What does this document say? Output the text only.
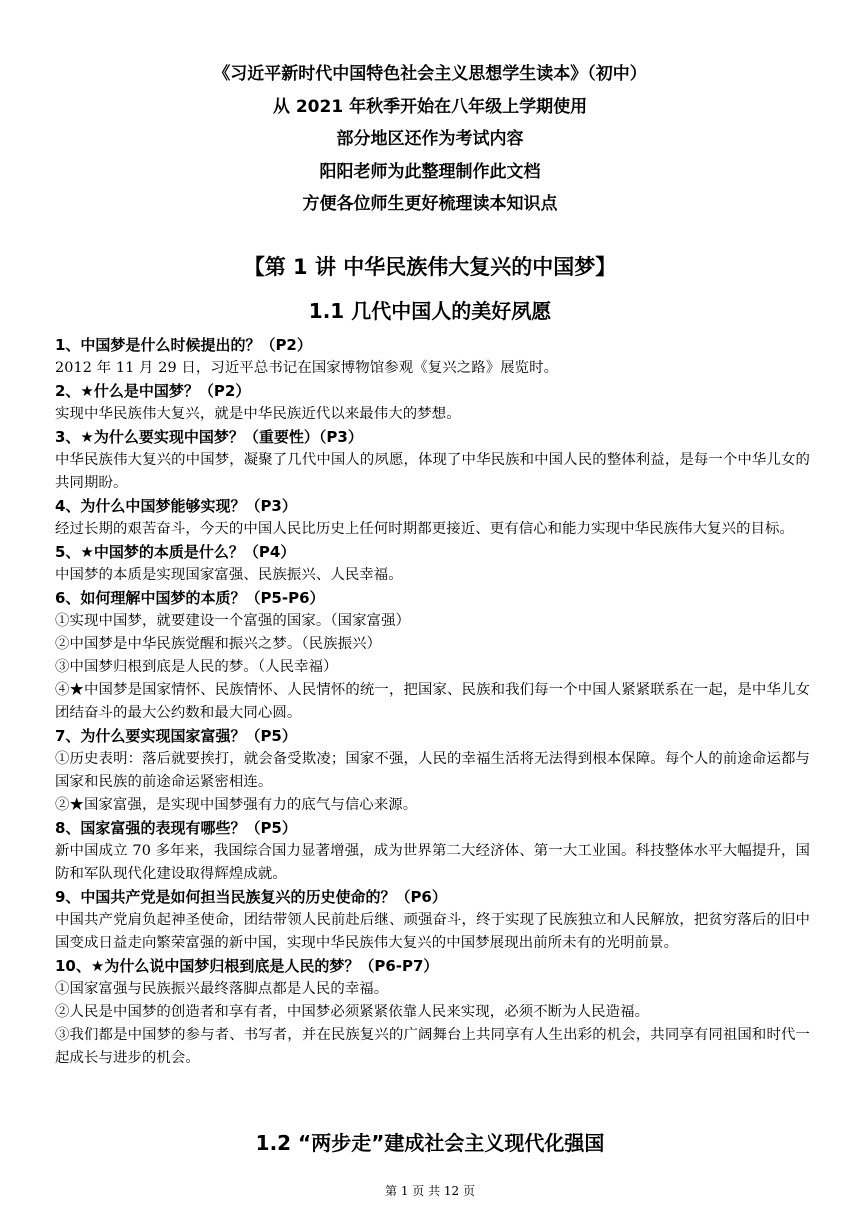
《习近平新时代中国特色社会主义思想学生读本》（初中）
从 2021 年秋季开始在八年级上学期使用
部分地区还作为考试内容
阳阳老师为此整理制作此文档
方便各位师生更好梳理读本知识点
【第 1 讲 中华民族伟大复兴的中国梦】
1.1 几代中国人的美好夙愿
1、中国梦是什么时候提出的？（P2）
2012 年 11 月 29 日，习近平总书记在国家博物馆参观《复兴之路》展览时。
2、★什么是中国梦？（P2）
实现中华民族伟大复兴，就是中华民族近代以来最伟大的梦想。
3、★为什么要实现中国梦？（重要性）（P3）
中华民族伟大复兴的中国梦，凝聚了几代中国人的夙愿，体现了中华民族和中国人民的整体利益，是每一个中华儿女的共同期盼。
4、为什么中国梦能够实现？（P3）
经过长期的艰苦奋斗，今天的中国人民比历史上任何时期都更接近、更有信心和能力实现中华民族伟大复兴的目标。
5、★中国梦的本质是什么？（P4）
中国梦的本质是实现国家富强、民族振兴、人民幸福。
6、如何理解中国梦的本质？（P5-P6）
①实现中国梦，就要建设一个富强的国家。（国家富强）
②中国梦是中华民族觉醒和振兴之梦。（民族振兴）
③中国梦归根到底是人民的梦。（人民幸福）
④★中国梦是国家情怀、民族情怀、人民情怀的统一，把国家、民族和我们每一个中国人紧紧联系在一起，是中华儿女团结奋斗的最大公约数和最大同心圆。
7、为什么要实现国家富强？（P5）
①历史表明：落后就要挨打，就会备受欺凌；国家不强，人民的幸福生活将无法得到根本保障。每个人的前途命运都与国家和民族的前途命运紧密相连。
②★国家富强，是实现中国梦强有力的底气与信心来源。
8、国家富强的表现有哪些？（P5）
新中国成立 70 多年来，我国综合国力显著增强，成为世界第二大经济体、第一大工业国。科技整体水平大幅提升，国防和军队现代化建设取得辉煌成就。
9、中国共产党是如何担当民族复兴的历史使命的？（P6）
中国共产党肩负起神圣使命，团结带领人民前赴后继、顽强奋斗，终于实现了民族独立和人民解放，把贫穷落后的旧中国变成日益走向繁荣富强的新中国，实现中华民族伟大复兴的中国梦展现出前所未有的光明前景。
10、★为什么说中国梦归根到底是人民的梦？（P6-P7）
①国家富强与民族振兴最终落脚点都是人民的幸福。
②人民是中国梦的创造者和享有者，中国梦必须紧紧依靠人民来实现，必须不断为人民造福。
③我们都是中国梦的参与者、书写者，并在民族复兴的广阔舞台上共同享有人生出彩的机会，共同享有同祖国和时代一起成长与进步的机会。
1.2 “两步走”建成社会主义现代化强国
第 1 页 共 12 页
